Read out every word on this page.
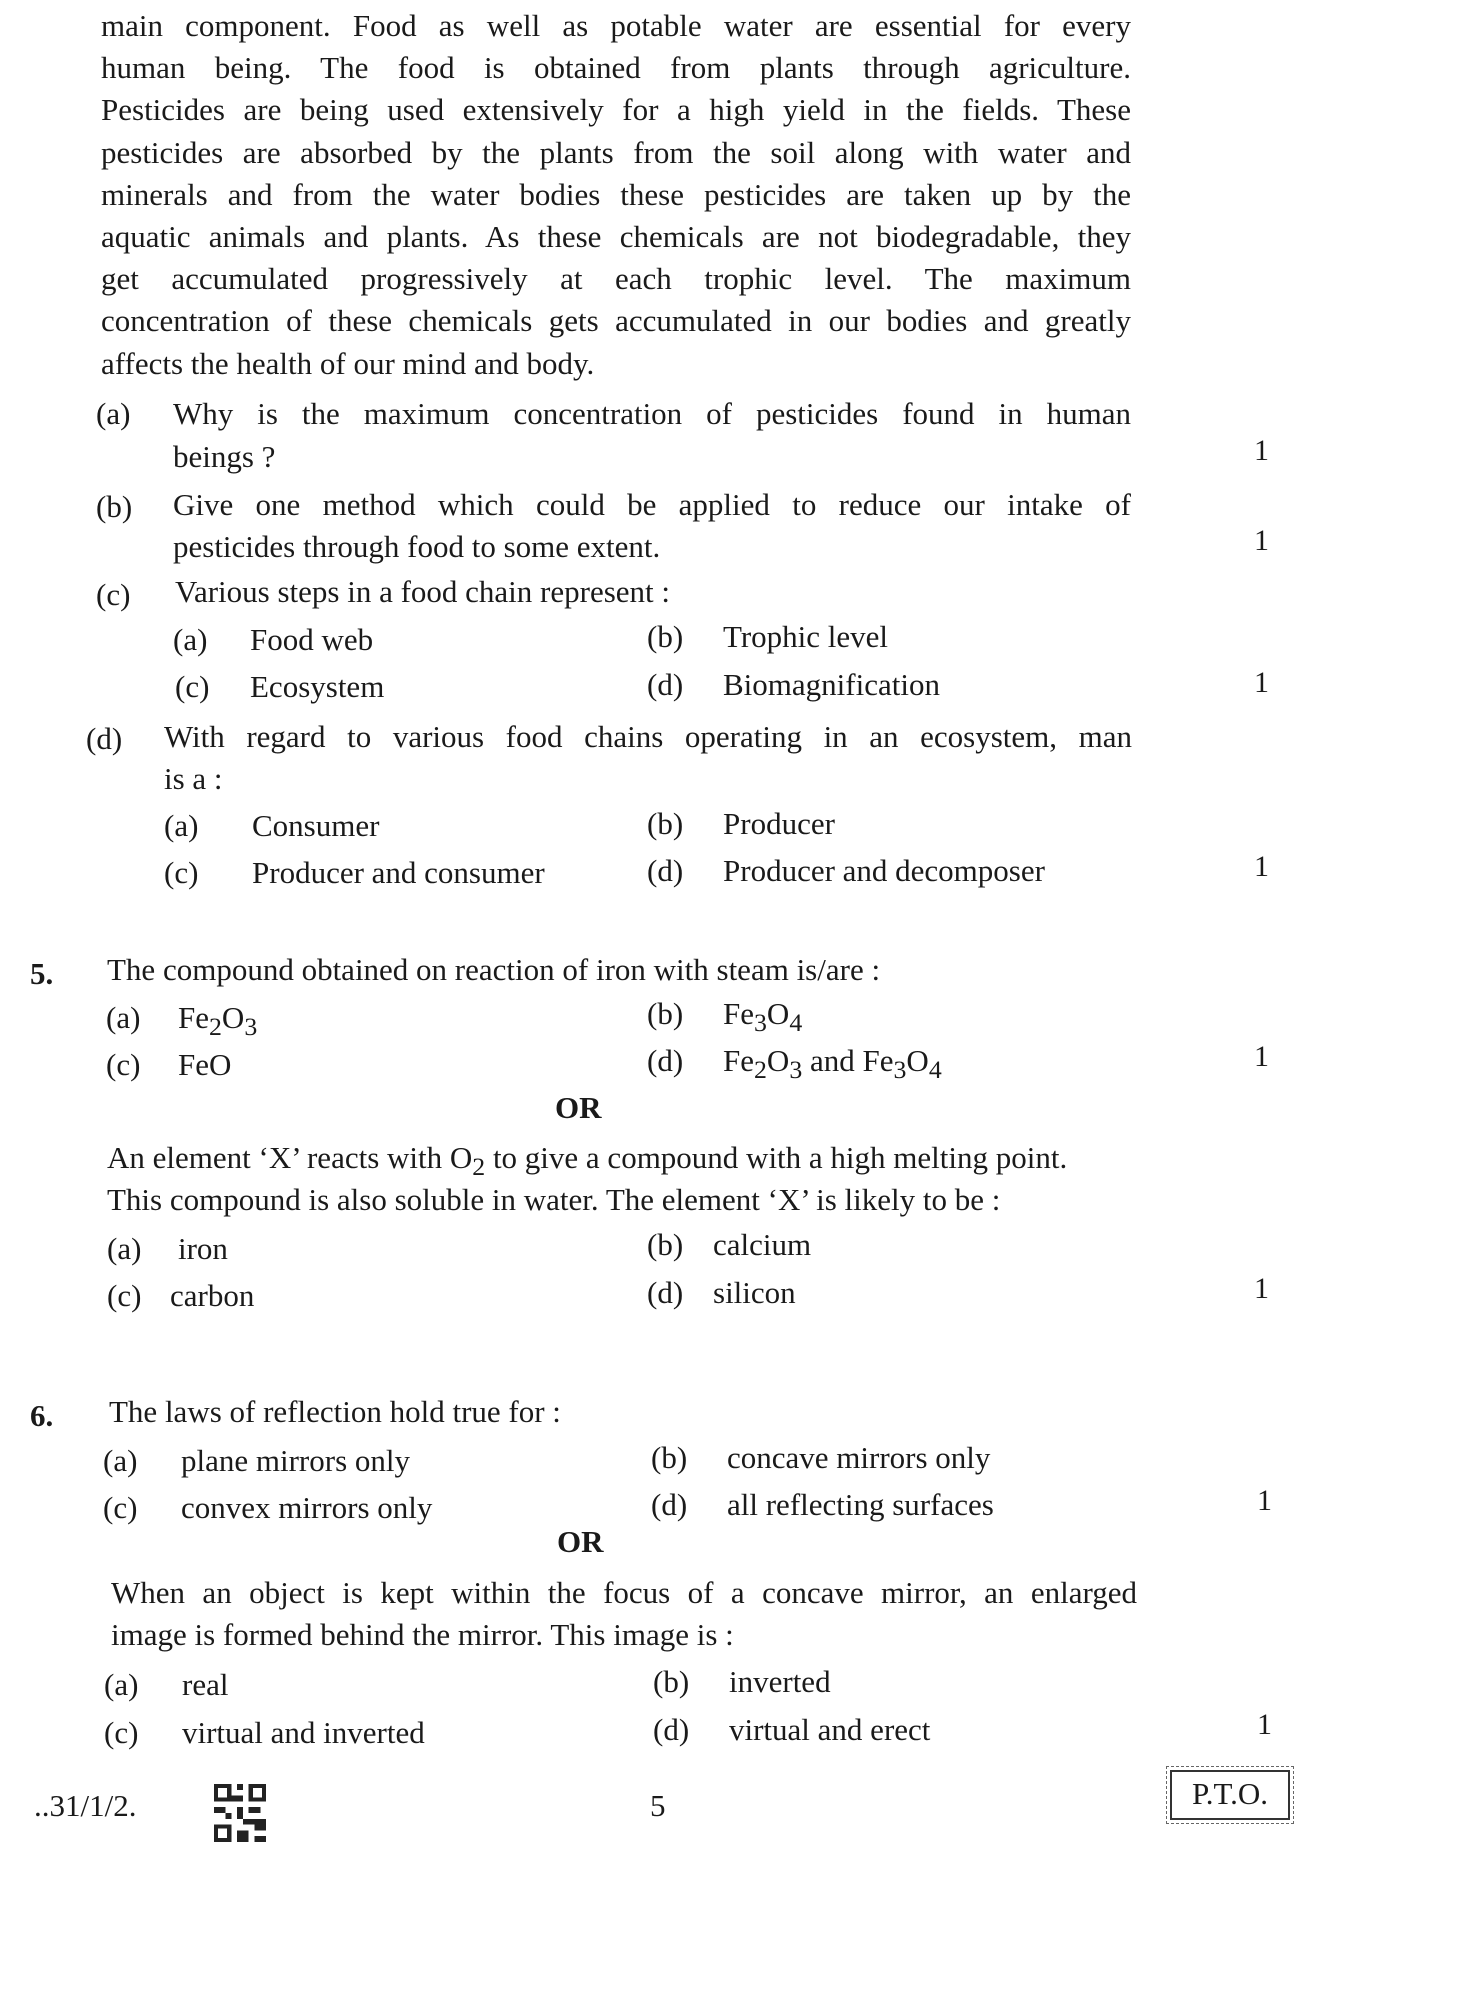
main component. Food as well as potable water are essential for every
human being. The food is obtained from plants through agriculture.
Pesticides are being used extensively for a high yield in the fields. These
pesticides are absorbed by the plants from the soil along with water and
minerals and from the water bodies these pesticides are taken up by the
aquatic animals and plants. As these chemicals are not biodegradable, they
get accumulated progressively at each trophic level. The maximum
concentration of these chemicals gets accumulated in our bodies and greatly
affects the health of our mind and body.
(a) Why is the maximum concentration of pesticides found in human
beings ?	1
(b) Give one method which could be applied to reduce our intake of
pesticides through food to some extent.	1
(c) Various steps in a food chain represent :
(a) Food web	(b) Trophic level
(c) Ecosystem	(d) Biomagnification	1
(d) With regard to various food chains operating in an ecosystem, man
is a :
(a) Consumer	(b) Producer
(c) Producer and consumer	(d) Producer and decomposer	1
5. The compound obtained on reaction of iron with steam is/are :
(a) $Fe_2O_3$	(b) $Fe_3O_4$
(c) FeO	(d) $Fe_2O_3$ and $Fe_3O_4$	1
OR
An element ‘X’ reacts with $O_2$ to give a compound with a high melting point.
This compound is also soluble in water. The element ‘X’ is likely to be :
(a) iron	(b) calcium
(c) carbon	(d) silicon	1
6. The laws of reflection hold true for :
(a) plane mirrors only	(b) concave mirrors only
(c) convex mirrors only	(d) all reflecting surfaces	1
OR
When an object is kept within the focus of a concave mirror, an enlarged
image is formed behind the mirror. This image is :
(a) real	(b) inverted
(c) virtual and inverted	(d) virtual and erect	1
..31/1/2.	5	P.T.O.
